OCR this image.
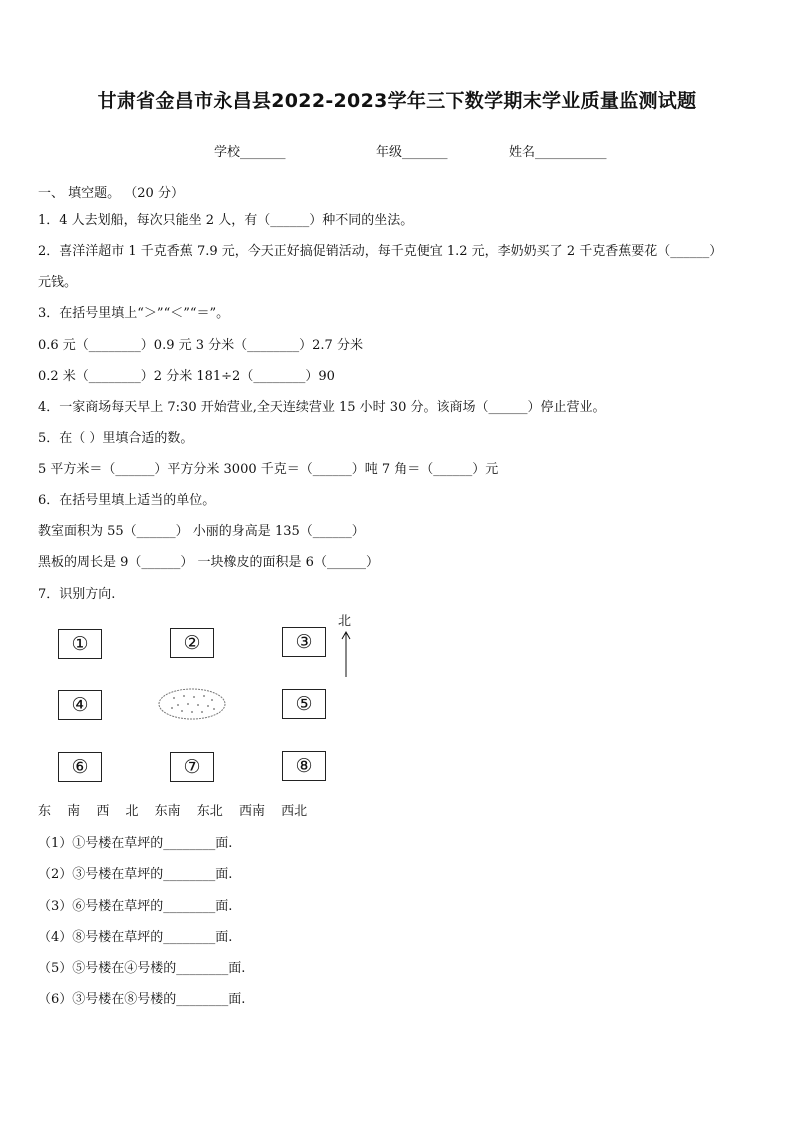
甘肃省金昌市永昌县2022-2023学年三下数学期末学业质量监测试题
学校_______	年级_______	姓名___________
一、 填空题。 （20 分）
1．4 人去划船，每次只能坐 2 人，有（______）种不同的坐法。
2．喜洋洋超市 1 千克香蕉 7.9 元，今天正好搞促销活动，每千克便宜 1.2 元，李奶奶买了 2 千克香蕉要花（______）
元钱。
3．在括号里填上“＞”“＜”“＝”。
0.6 元（________）0.9 元 3 分米（________）2.7 分米
0.2 米（________）2 分米 181÷2（________）90
4．一家商场每天早上 7:30 开始营业,全天连续营业 15 小时 30 分。该商场（______）停止营业。
5．在（ ）里填合适的数。
5 平方米＝（______）平方分米 3000 千克＝（______）吨 7 角＝（______）元
6．在括号里填上适当的单位。
教室面积为 55（______） 小丽的身高是 135（______）
黑板的周长是 9（______） 一块橡皮的面积是 6（______）
7．识别方向.
①	②	③
④	⑤
⑥	⑦	⑧
北
东 南 西 北 东南 东北 西南 西北
（1）①号楼在草坪的________面.
（2）③号楼在草坪的________面.
（3）⑥号楼在草坪的________面.
（4）⑧号楼在草坪的________面.
（5）⑤号楼在④号楼的________面.
（6）③号楼在⑧号楼的________面.
